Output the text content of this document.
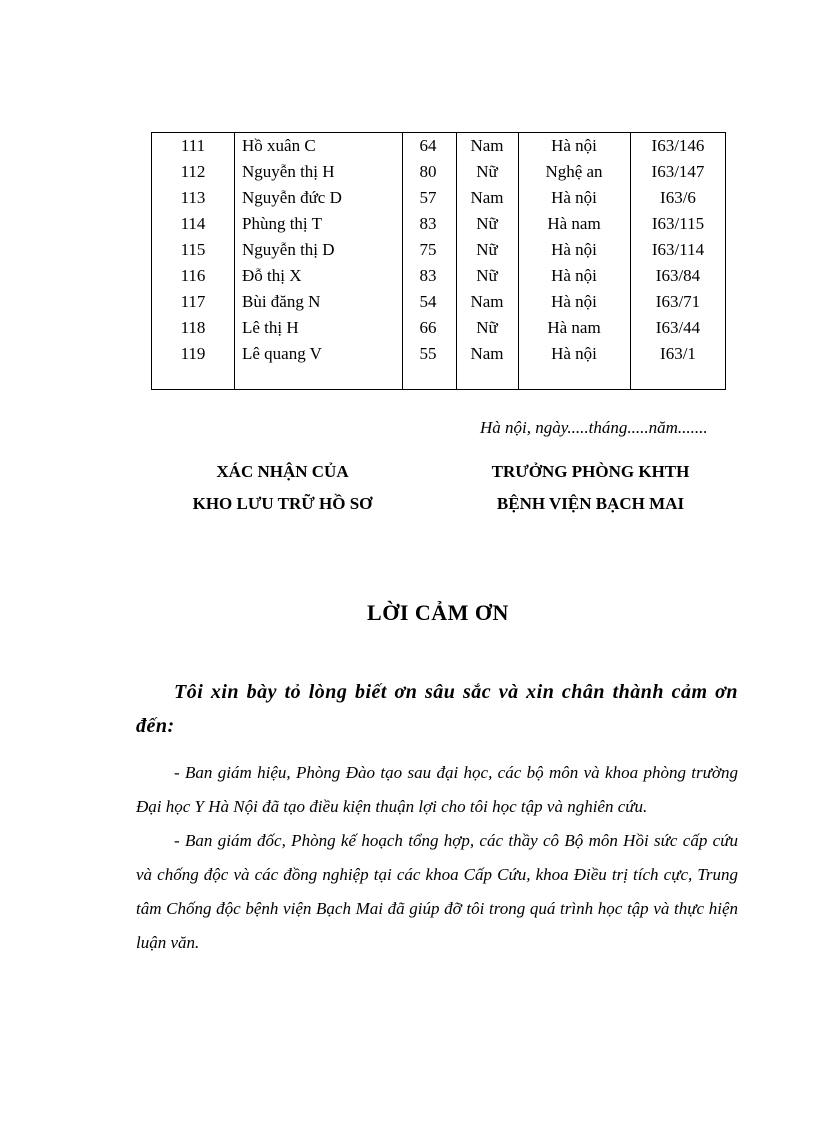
111	Hồ xuân C	64	Nam	Hà nội	I63/146
112	Nguyễn thị H	80	Nữ	Nghệ an	I63/147
113	Nguyễn đức D	57	Nam	Hà nội	I63/6
114	Phùng thị T	83	Nữ	Hà nam	I63/115
115	Nguyễn thị D	75	Nữ	Hà nội	I63/114
116	Đỗ thị X	83	Nữ	Hà nội	I63/84
117	Bùi đăng N	54	Nam	Hà nội	I63/71
118	Lê thị H	66	Nữ	Hà nam	I63/44
119	Lê quang V	55	Nam	Hà nội	I63/1
Hà nội, ngày.....tháng.....năm.......
XÁC NHẬN CỦA
KHO LƯU TRỮ HỒ SƠ
TRƯỞNG PHÒNG KHTH
BỆNH VIỆN BẠCH MAI
LỜI CẢM ƠN
Tôi xin bày tỏ lòng biết ơn sâu sắc và xin chân thành cảm ơn đến:
- Ban giám hiệu, Phòng Đào tạo sau đại học, các bộ môn và khoa phòng trường Đại học Y Hà Nội đã tạo điều kiện thuận lợi cho tôi học tập và nghiên cứu.
- Ban giám đốc, Phòng kế hoạch tổng hợp, các thầy cô Bộ môn Hồi sức cấp cứu và chống độc và các đồng nghiệp tại các khoa Cấp Cứu, khoa Điều trị tích cực, Trung tâm Chống độc bệnh viện Bạch Mai đã giúp đỡ tôi trong quá trình học tập và thực hiện luận văn.
